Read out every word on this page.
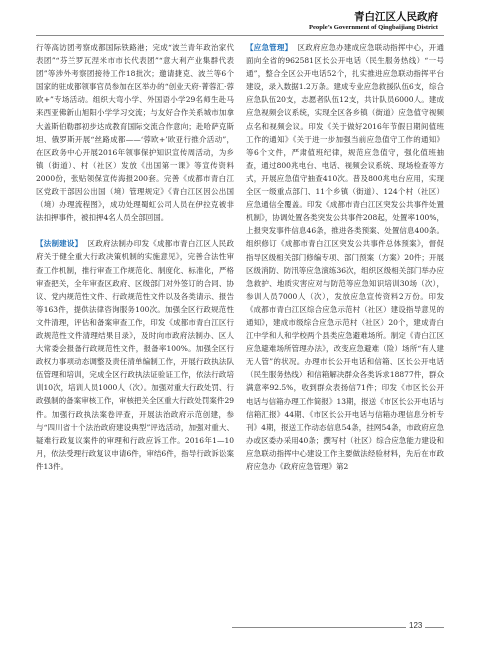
青白江区人民政府
People’s Government of Qingbaijiang District

行等高访团考察成都国际铁路港；完成“波兰青年政治家代表团”“芬兰罗瓦涅米市市长代表团”“意大利产业集群代表团”等涉外考察团接待工作18批次；邀请捷克、波兰等6个国家的驻成都领事官员参加在区举办的“创业天府·菁蓉汇·蓉欧+”专场活动。组织大弯小学、外国语小学29名师生赴马来西亚佛新山旭阳小学学习交流；与友好合作关系城市加拿大盖斯伯勒郡初步达成教育国际交流合作意向；赴哈萨克斯坦、俄罗斯开展“丝路成都——‘蓉欧+’欧亚行推介活动”，在区政务中心开展2016年领事保护知识宣传周活动，为乡镇（街道）、村（社区）发放《出国第一课》等宣传资料2000份，张贴领保宣传海报200套。完善《成都市青白江区党政干部因公出国（境）管理规定》《青白江区因公出国（境）办理流程图》，成功处理蜀虹公司人员在伊拉克被非法扣押事件，被扣押4名人员全部回国。

【法制建设】 区政府法制办印发《成都市青白江区人民政府关于健全重大行政决策机制的实施意见》，完善合法性审查工作机制，推行审查工作规范化、制度化、标准化，严格审查把关，全年审查区政府、区级部门对外签订的合同、协议、党内规范性文件、行政规范性文件以及各类请示、报告等163件，提供法律咨询服务100次。加强全区行政规范性文件清理，评估和备案审查工作，印发《成都市青白江区行政规范性文件清理结果目录》，及时向市政府法制办、区人大常委会报备行政规范性文件，报备率100%。加强全区行政权力事项动态调整及责任清单编制工作，开展行政执法队伍管理和培训，完成全区行政执法证验证工作，依法行政培训10次，培训人员1000人（次）。加强对重大行政处罚、行政强制的备案审核工作，审核把关全区重大行政处罚案件29件。加强行政执法案卷评查，开展法治政府示范创建，参与“四川省十个法治政府建设典型”评选活动，加强对重大、疑难行政复议案件的审理和行政应诉工作。2016年1—10月，依法受理行政复议申请6件，审结6件，指导行政诉讼案件13件。

【应急管理】 区政府应急办建成应急联动指挥中心，开通面向全省的962581区长公开电话（民生服务热线）“一号通”，整合全区公开电话52个，扎实推进应急联动指挥平台建设，录入数据1.2万条。建成专业应急救援队伍6支，综合应急队伍20支，志愿者队伍12支，共计队员6000人。建成应急视频会议系统，实现全区各乡镇（街道）应急值守视频点名和视频会议。印发《关于做好2016年节假日期间值班工作的通知》《关于进一步加强当前应急值守工作的通知》等6个文件，严肃值班纪律，规范应急值守，强化值班抽查，通过800兆电台、电话、视频会议系统、现场检查等方式，开展应急值守抽查410次。普及800兆电台应用，实现全区一级重点部门、11个乡镇（街道）、124个村（社区）应急通信全覆盖。印发《成都市青白江区突发公共事件处置机制》，协调处置各类突发公共事件208起，处置率100%，上报突发事件信息46条，推进各类预案、处置信息400条。组织修订《成都市青白江区突发公共事件总体预案》，督促指导区级相关部门修编专项、部门预案（方案）20件；开展区级消防、防汛等应急演练36次，组织区级相关部门举办应急救护、地质灾害应对与防范等应急知识培训30场（次），参训人员7000人（次），发放应急宣传资料2万份。印发《成都市青白江区综合应急示范村（社区）建设指导意见的通知》，建成市级综合应急示范村（社区）20个，建成青白江中学和人和学校两个县类应急避难场所。制定《青白江区应急避难场所管理办法》，改变应急避难（险）场所“有人建无人管”的状况。办理市长公开电话和信箱、区长公开电话（民生服务热线）和信箱解决群众各类诉求18877件，群众满意率92.5%，收到群众表扬信71件；印发《市区长公开电话与信箱办理工作简报》13期，报送《市区长公开电话与信箱汇报》44期、《市区长公开电话与信箱办理信息分析专刊》4期，报送工作动态信息54条，挂网54条，市政府应急办或区委办采用40条；撰写村（社区）综合应急能力建设和应急联动指挥中心建设工作主要做法经验材料，先后在市政府应急办《政府应急管理》第2

123
